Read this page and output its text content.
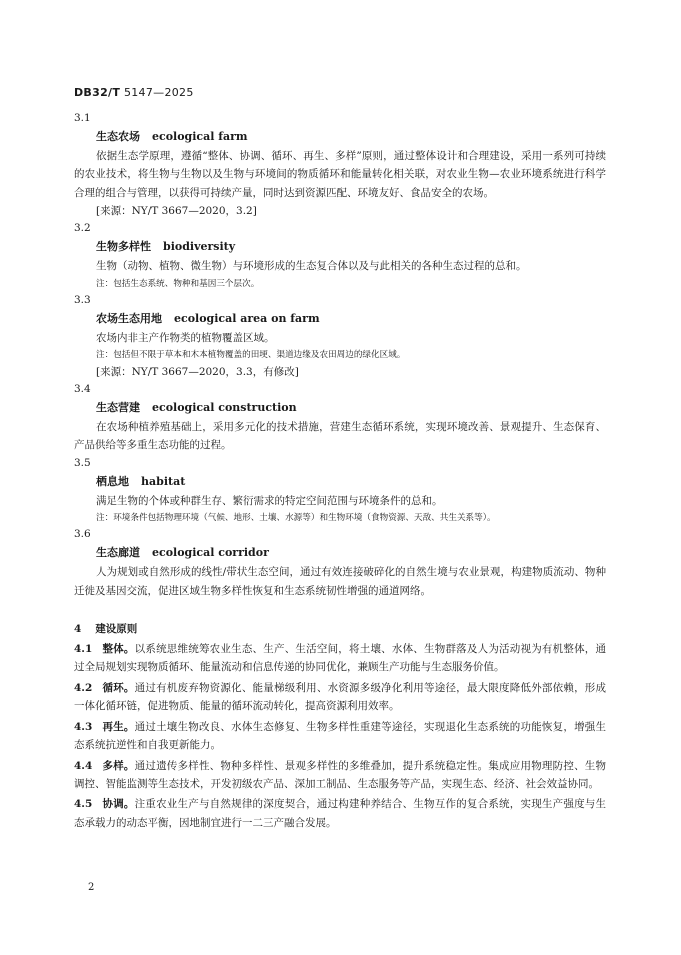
DB32/T 5147—2025
3.1
生态农场 ecological farm

依据生态学原理，遵循“整体、协调、循环、再生、多样”原则，通过整体设计和合理建设，采用一系列可持续的农业技术，将生物与生物以及生物与环境间的物质循环和能量转化相关联，对农业生物—农业环境系统进行科学合理的组合与管理，以获得可持续产量，同时达到资源匹配、环境友好、食品安全的农场。

[来源：NY/T 3667—2020，3.2]
3.2
生物多样性 biodiversity

生物（动物、植物、微生物）与环境形成的生态复合体以及与此相关的各种生态过程的总和。

注：包括生态系统、物种和基因三个层次。
3.3
农场生态用地 ecological area on farm

农场内非主产作物类的植物覆盖区域。

注：包括但不限于草本和木本植物覆盖的田埂、渠道边缘及农田周边的绿化区域。
[来源：NY/T 3667—2020，3.3，有修改]
3.4
生态营建 ecological construction

在农场种植养殖基础上，采用多元化的技术措施，营建生态循环系统，实现环境改善、景观提升、生态保育、产品供给等多重生态功能的过程。

3.5
栖息地 habitat

满足生物的个体或种群生存、繁衍需求的特定空间范围与环境条件的总和。

注：环境条件包括物理环境（气候、地形、土壤、水源等）和生物环境（食物资源、天敌、共生关系等）。
3.6
生态廊道 ecological corridor

人为规划或自然形成的线性/带状生态空间，通过有效连接破碎化的自然生境与农业景观，构建物质流动、物种迁徙及基因交流，促进区域生物多样性恢复和生态系统韧性增强的通道网络。

4 建设原则
4.1 整体。以系统思维统筹农业生态、生产、生活空间，将土壤、水体、生物群落及人为活动视为有机整体，通过全局规划实现物质循环、能量流动和信息传递的协同优化，兼顾生产功能与生态服务价值。
4.2 循环。通过有机废弃物资源化、能量梯级利用、水资源多级净化利用等途径，最大限度降低外部依赖，形成一体化循环链，促进物质、能量的循环流动转化，提高资源利用效率。
4.3 再生。通过土壤生物改良、水体生态修复、生物多样性重建等途径，实现退化生态系统的功能恢复，增强生态系统抗逆性和自我更新能力。
4.4 多样。通过遗传多样性、物种多样性、景观多样性的多维叠加，提升系统稳定性。集成应用物理防控、生物调控、智能监测等生态技术，开发初级农产品、深加工制品、生态服务等产品，实现生态、经济、社会效益协同。
4.5 协调。注重农业生产与自然规律的深度契合，通过构建种养结合、生物互作的复合系统，实现生产强度与生态承载力的动态平衡，因地制宜进行一二三产融合发展。
2
